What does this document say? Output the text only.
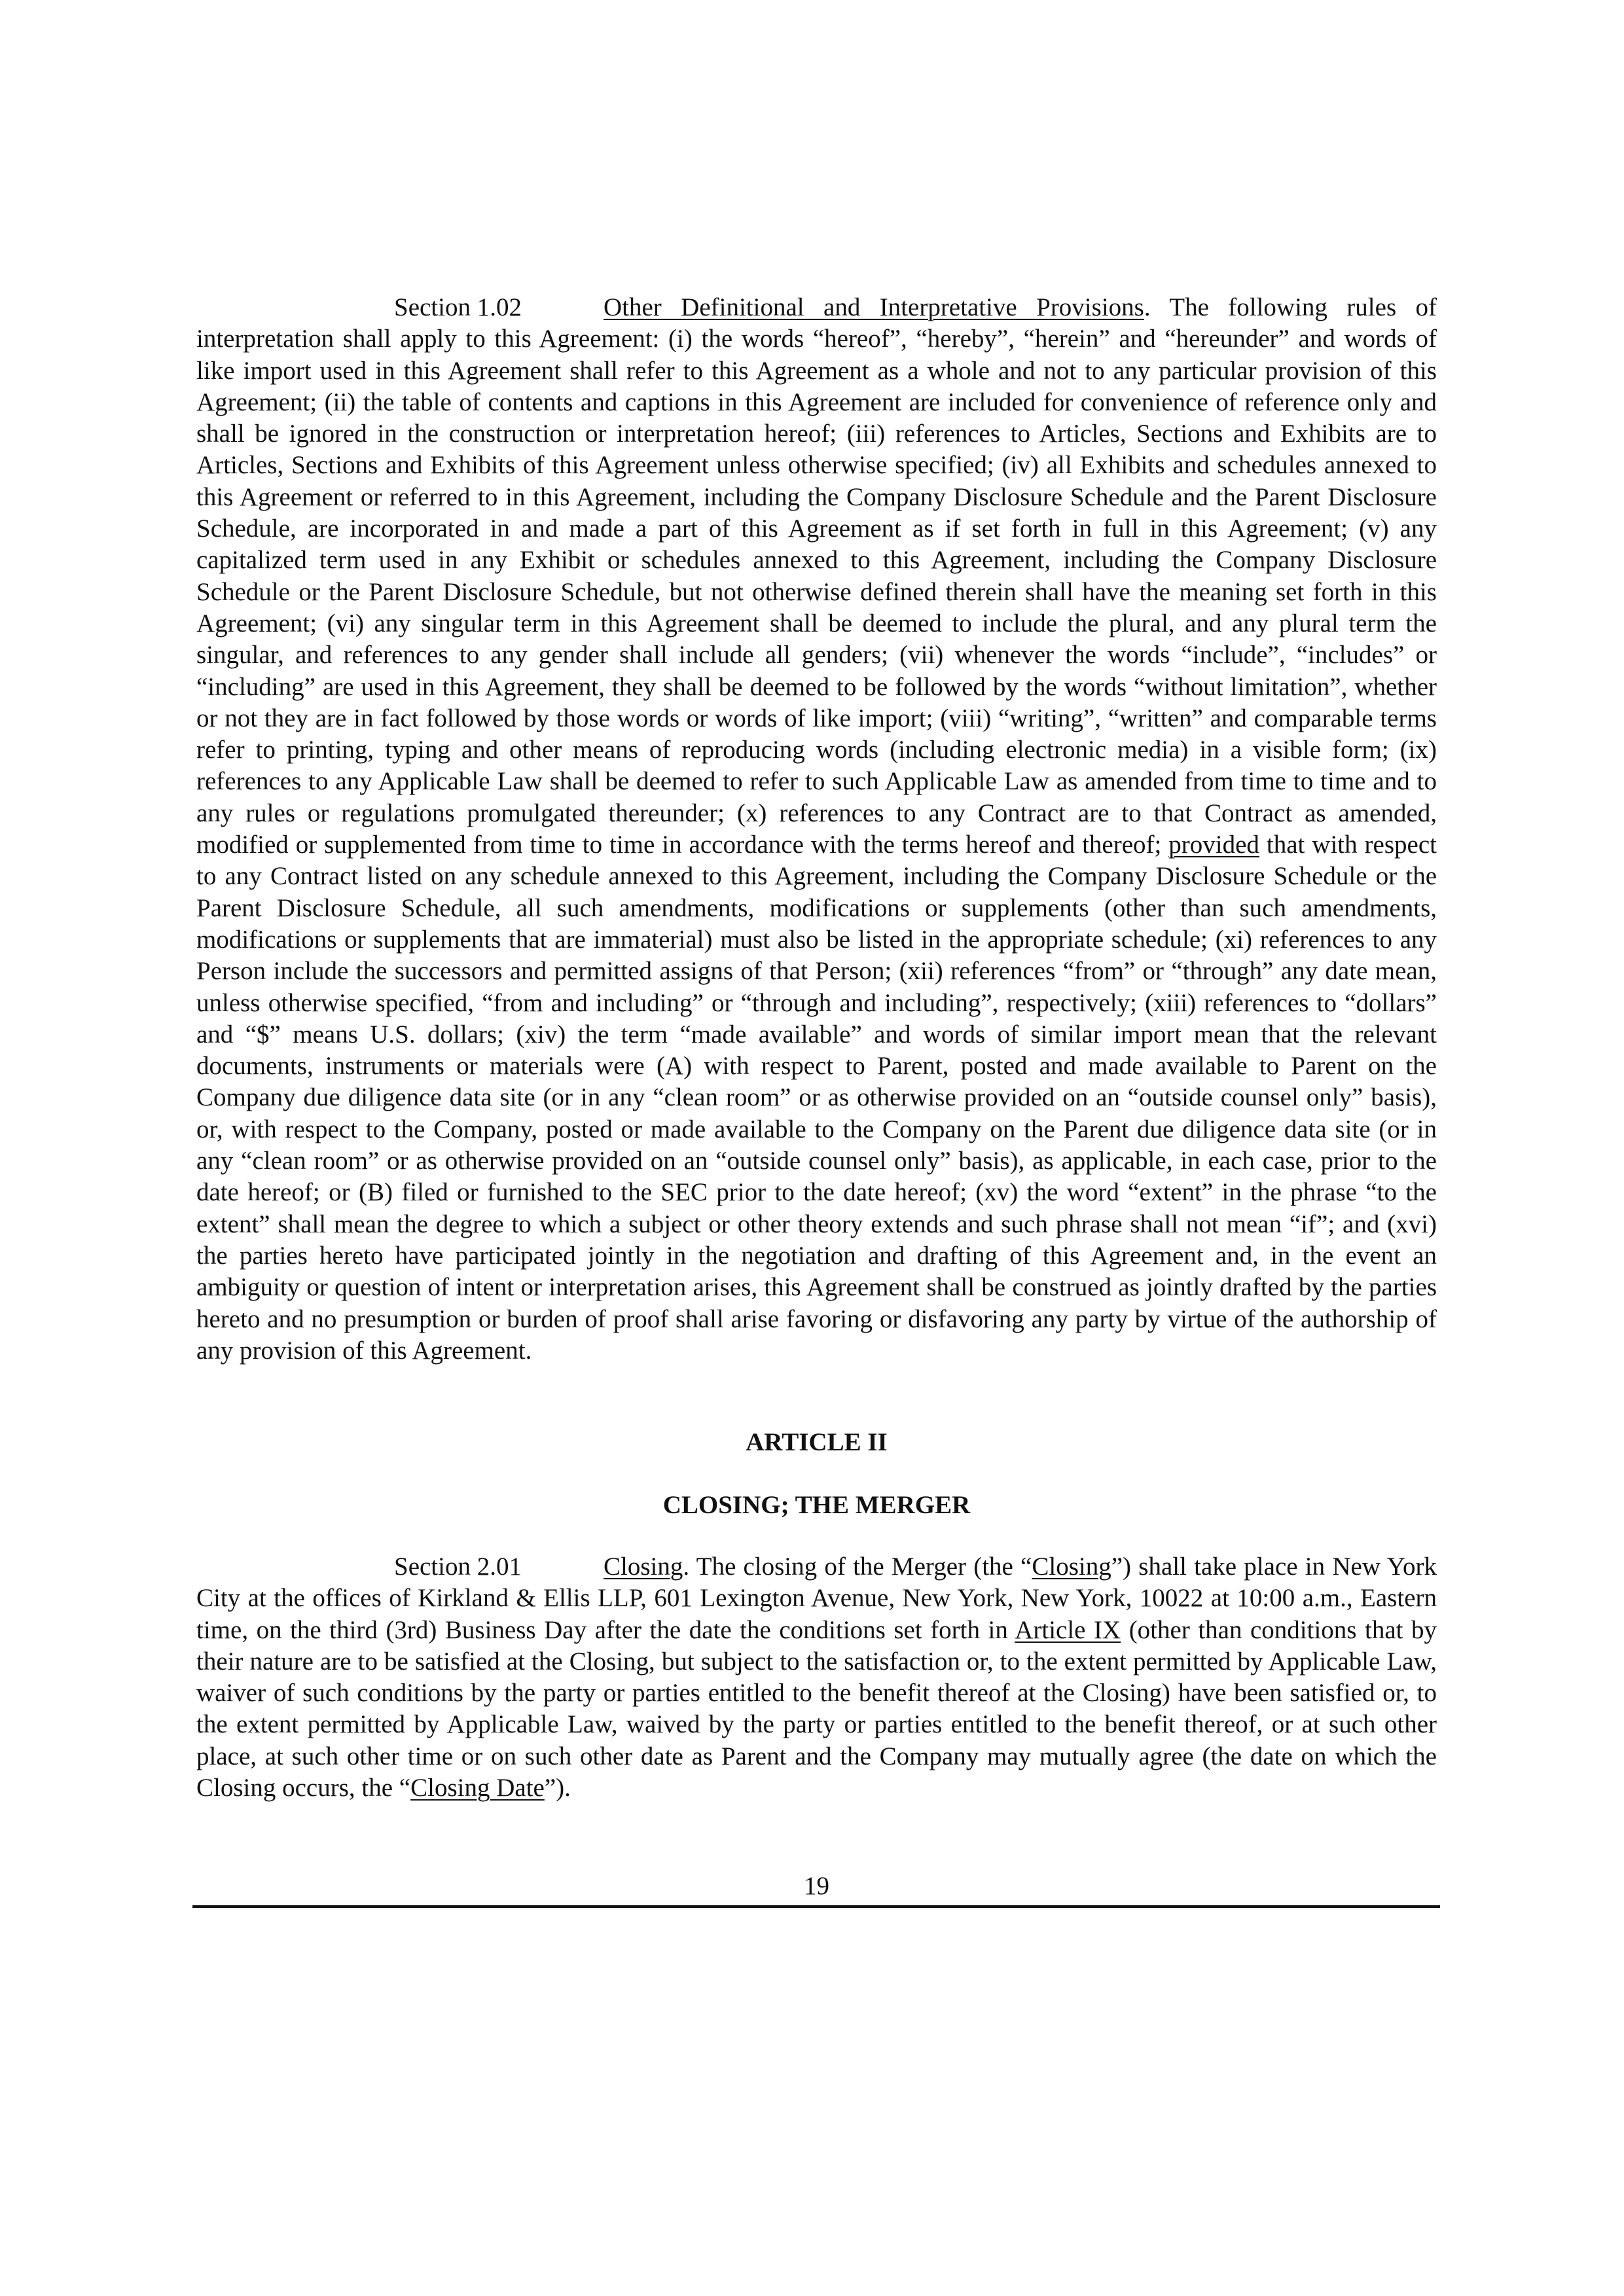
Section 1.02	Other Definitional and Interpretative Provisions. The following rules of interpretation shall apply to this Agreement: (i) the words “hereof”, “hereby”, “herein” and “hereunder” and words of like import used in this Agreement shall refer to this Agreement as a whole and not to any particular provision of this Agreement; (ii) the table of contents and captions in this Agreement are included for convenience of reference only and shall be ignored in the construction or interpretation hereof; (iii) references to Articles, Sections and Exhibits are to Articles, Sections and Exhibits of this Agreement unless otherwise specified; (iv) all Exhibits and schedules annexed to this Agreement or referred to in this Agreement, including the Company Disclosure Schedule and the Parent Disclosure Schedule, are incorporated in and made a part of this Agreement as if set forth in full in this Agreement; (v) any capitalized term used in any Exhibit or schedules annexed to this Agreement, including the Company Disclosure Schedule or the Parent Disclosure Schedule, but not otherwise defined therein shall have the meaning set forth in this Agreement; (vi) any singular term in this Agreement shall be deemed to include the plural, and any plural term the singular, and references to any gender shall include all genders; (vii) whenever the words “include”, “includes” or “including” are used in this Agreement, they shall be deemed to be followed by the words “without limitation”, whether or not they are in fact followed by those words or words of like import; (viii) “writing”, “written” and comparable terms refer to printing, typing and other means of reproducing words (including electronic media) in a visible form; (ix) references to any Applicable Law shall be deemed to refer to such Applicable Law as amended from time to time and to any rules or regulations promulgated thereunder; (x) references to any Contract are to that Contract as amended, modified or supplemented from time to time in accordance with the terms hereof and thereof; provided that with respect to any Contract listed on any schedule annexed to this Agreement, including the Company Disclosure Schedule or the Parent Disclosure Schedule, all such amendments, modifications or supplements (other than such amendments, modifications or supplements that are immaterial) must also be listed in the appropriate schedule; (xi) references to any Person include the successors and permitted assigns of that Person; (xii) references “from” or “through” any date mean, unless otherwise specified, “from and including” or “through and including”, respectively; (xiii) references to “dollars” and “$” means U.S. dollars; (xiv) the term “made available” and words of similar import mean that the relevant documents, instruments or materials were (A) with respect to Parent, posted and made available to Parent on the Company due diligence data site (or in any “clean room” or as otherwise provided on an “outside counsel only” basis), or, with respect to the Company, posted or made available to the Company on the Parent due diligence data site (or in any “clean room” or as otherwise provided on an “outside counsel only” basis), as applicable, in each case, prior to the date hereof; or (B) filed or furnished to the SEC prior to the date hereof; (xv) the word “extent” in the phrase “to the extent” shall mean the degree to which a subject or other theory extends and such phrase shall not mean “if”; and (xvi) the parties hereto have participated jointly in the negotiation and drafting of this Agreement and, in the event an ambiguity or question of intent or interpretation arises, this Agreement shall be construed as jointly drafted by the parties hereto and no presumption or burden of proof shall arise favoring or disfavoring any party by virtue of the authorship of any provision of this Agreement.

ARTICLE II
CLOSING; THE MERGER

Section 2.01	Closing. The closing of the Merger (the “Closing”) shall take place in New York City at the offices of Kirkland & Ellis LLP, 601 Lexington Avenue, New York, New York, 10022 at 10:00 a.m., Eastern time, on the third (3rd) Business Day after the date the conditions set forth in Article IX (other than conditions that by their nature are to be satisfied at the Closing, but subject to the satisfaction or, to the extent permitted by Applicable Law, waiver of such conditions by the party or parties entitled to the benefit thereof at the Closing) have been satisfied or, to the extent permitted by Applicable Law, waived by the party or parties entitled to the benefit thereof, or at such other place, at such other time or on such other date as Parent and the Company may mutually agree (the date on which the Closing occurs, the “Closing Date”).

19
